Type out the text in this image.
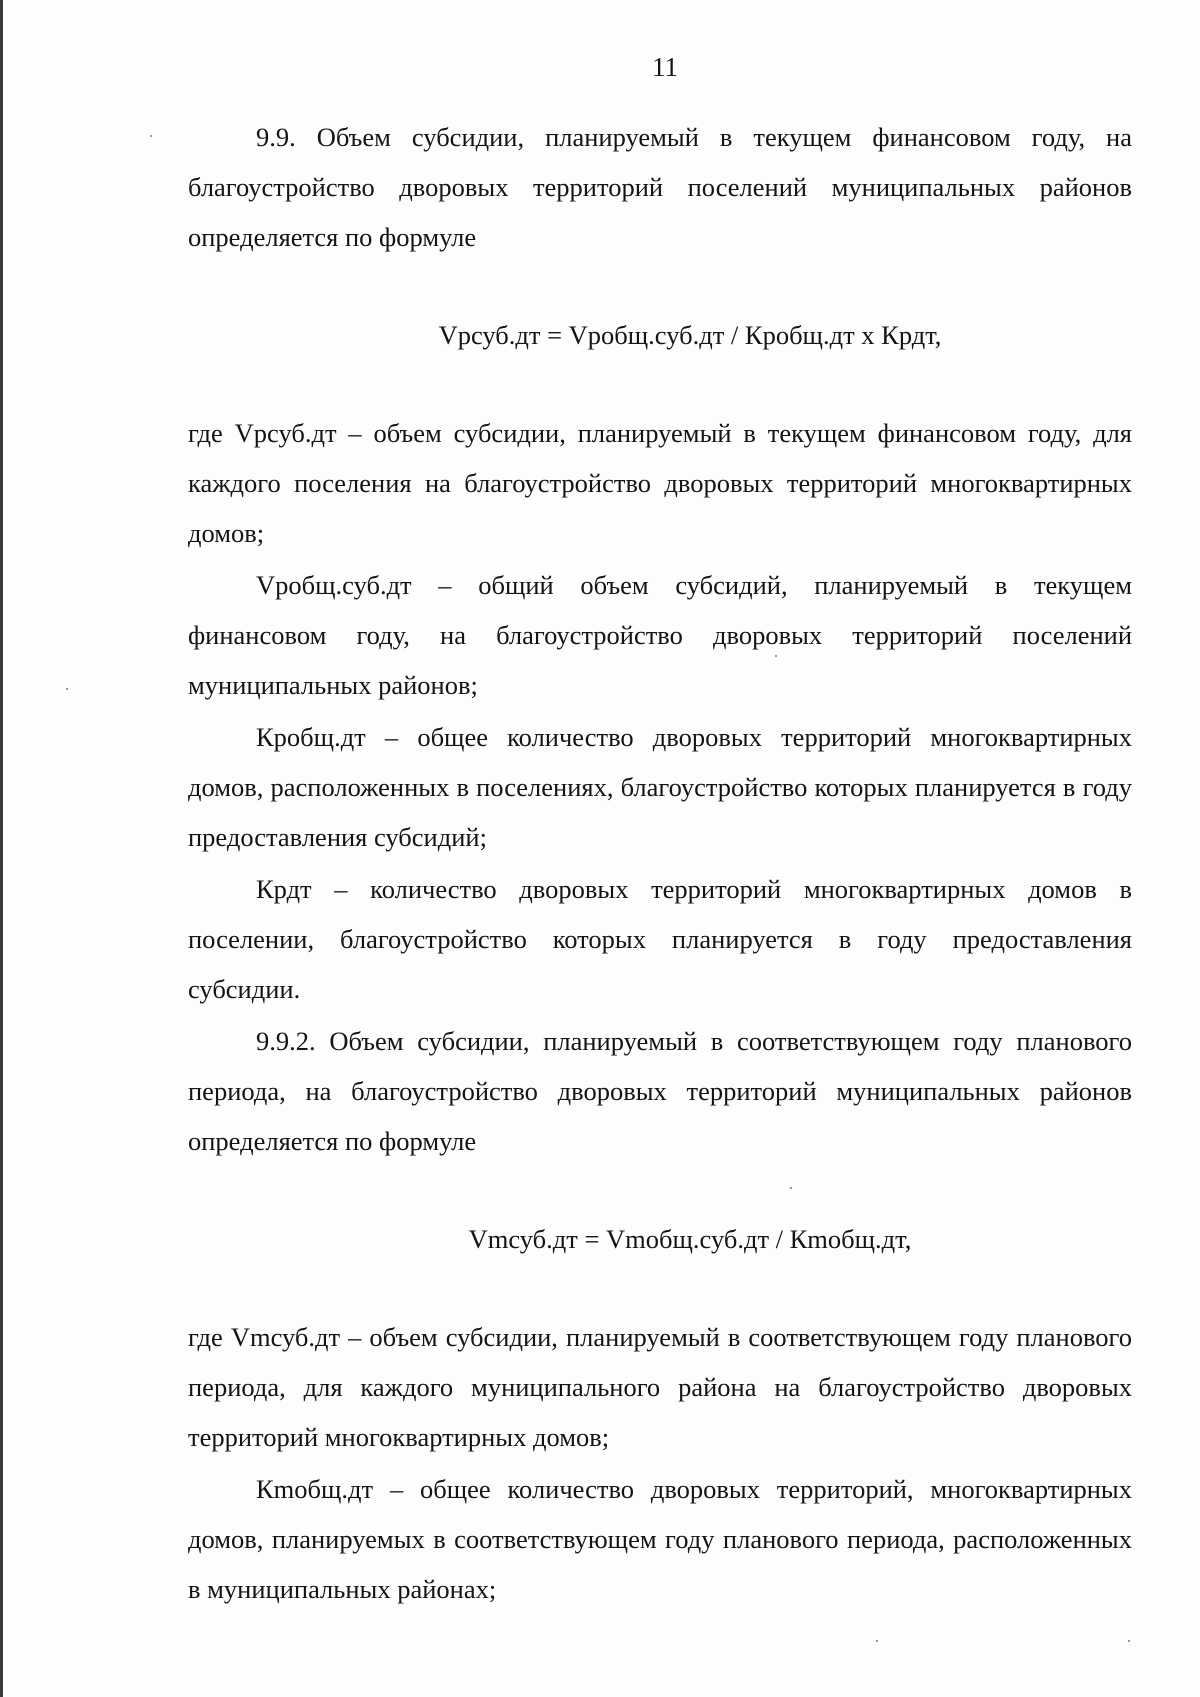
11

9.9. Объем субсидии, планируемый в текущем финансовом году, на благоустройство дворовых территорий поселений муниципальных районов определяется по формуле

Vрсуб.дт = Vробщ.суб.дт / Кробщ.дт х Крдт,

где Vрсуб.дт – объем субсидии, планируемый в текущем финансовом году, для каждого поселения на благоустройство дворовых территорий многоквартирных домов;

Vробщ.суб.дт – общий объем субсидий, планируемый в текущем финансовом году, на благоустройство дворовых территорий поселений муниципальных районов;

Кробщ.дт – общее количество дворовых территорий многоквартирных домов, расположенных в поселениях, благоустройство которых планируется в году предоставления субсидий;

Крдт – количество дворовых территорий многоквартирных домов в поселении, благоустройство которых планируется в году предоставления субсидии.

9.9.2. Объем субсидии, планируемый в соответствующем году планового периода, на благоустройство дворовых территорий муниципальных районов определяется по формуле

Vmсуб.дт = Vmобщ.суб.дт / Кmобщ.дт,

где Vmсуб.дт – объем субсидии, планируемый в соответствующем году планового периода, для каждого муниципального района на благоустройство дворовых территорий многоквартирных домов;

Кmобщ.дт – общее количество дворовых территорий, многоквартирных домов, планируемых в соответствующем году планового периода, расположенных в муниципальных районах;
